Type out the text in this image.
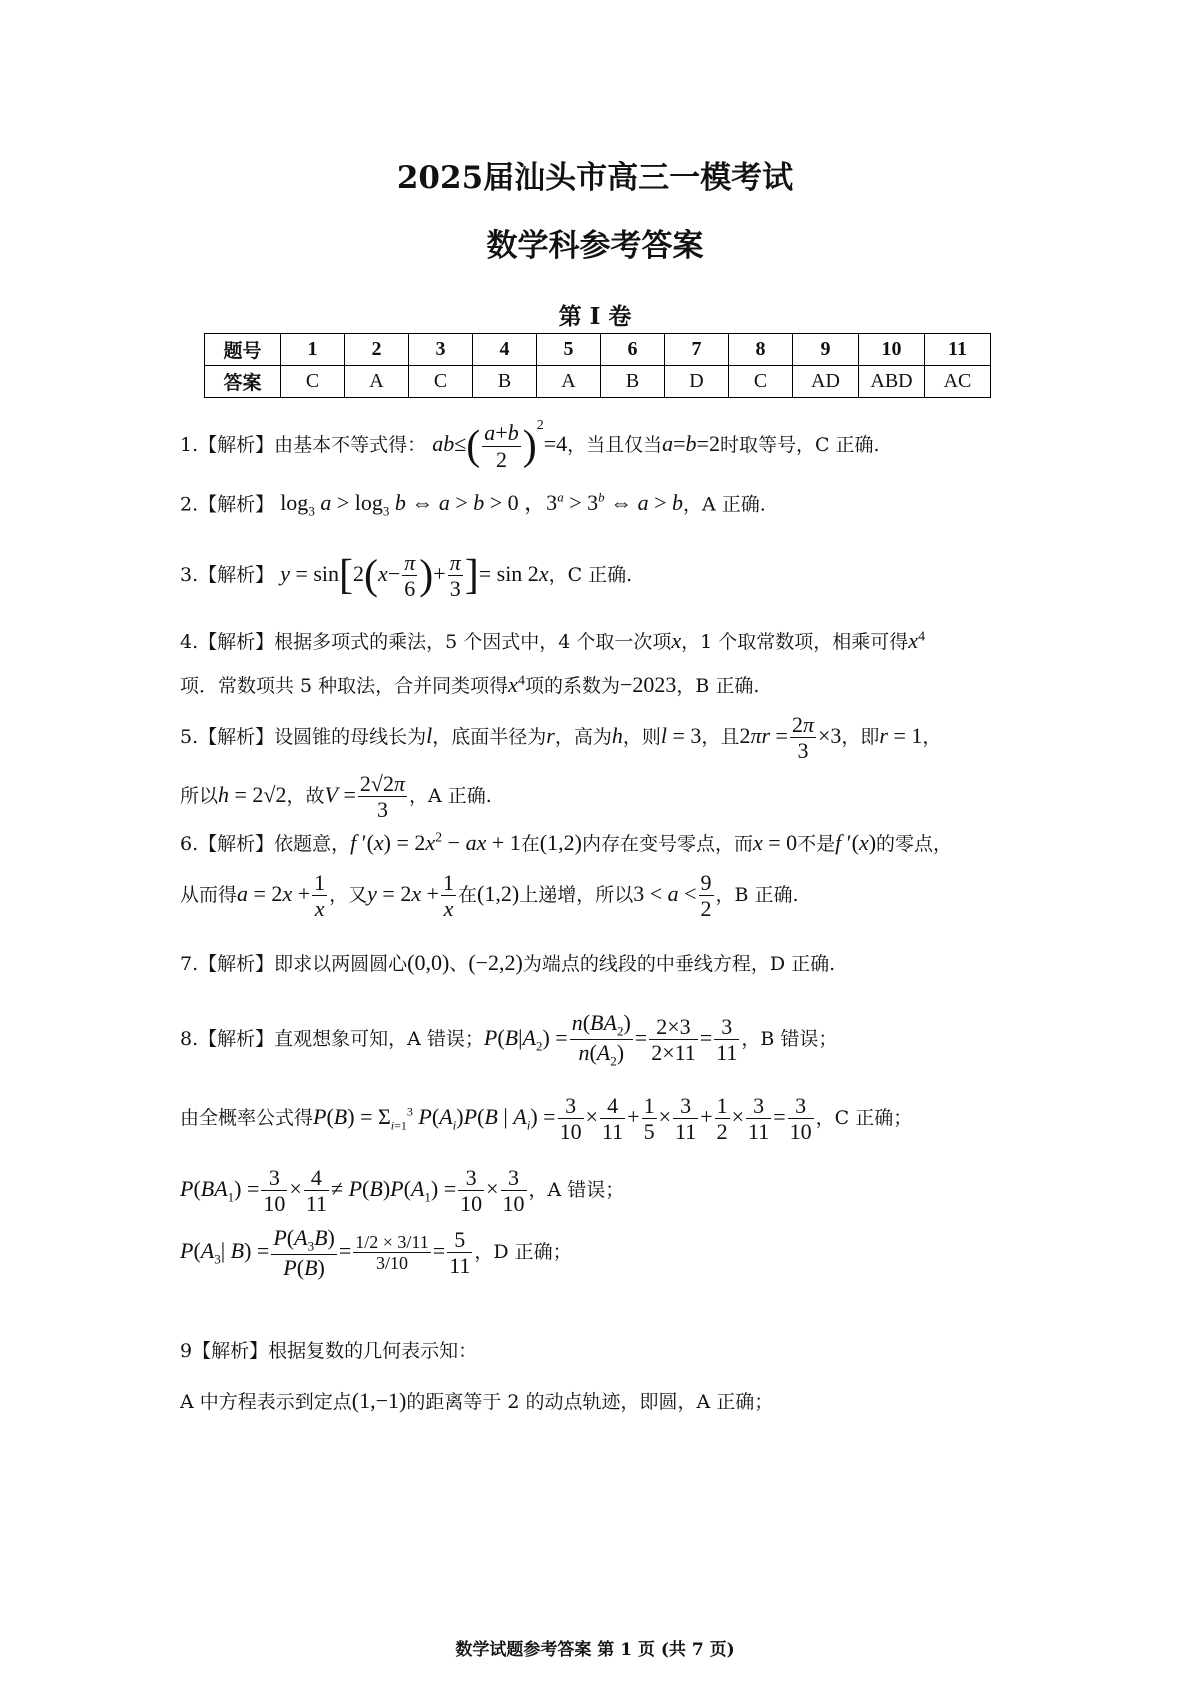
2025届汕头市高三一模考试
数学科参考答案
第 I 卷
题号	1	2	3	4	5	6	7	8	9	10	11
答案	C	A	C	B	A	B	D	C	AD	ABD	AC
1.【解析】由基本不等式得： $ab\le( \frac{a+b}{2} )^2=4$，当且仅当a=b=2时取等号，C 正确.
2.【解析】 $\log_3 a > \log_3 b$ ⇔ a > b > 0 ，$3^a > 3^b$ ⇔ a > b，A 正确.
3.【解析】 $y = \sin[2(x- \frac{\pi}{6}$ )+ $\frac{\pi}{3}$ ]= sin 2x，C 正确.
4.【解析】根据多项式的乘法，5 个因式中，4 个取一次项x，1 个取常数项，相乘可得$x^4$
项．常数项共 5 种取法，合并同类项得$x^4$项的系数为−2023，B 正确.
5.【解析】设圆锥的母线长为l，底面半径为r，高为h，则l = 3，且$2\pi r = \frac{2\pi}{3} \times 3$，即r = 1，
所以h = 2√2，故$V = \frac{2√2\pi}{3}$ ，A 正确.
6.【解析】依题意，f $'(x) = 2x^2$ − ax + 1在(1,2)内存在变号零点，而x = 0不是f ′(x)的零点，
从而得$a = 2x + \frac{1}{x}$ ，又$y = 2x + \frac{1}{x}$ 在(1,2)上递增，所以$3 < a < \frac{9}{2}$ ，B 正确.
7.【解析】即求以两圆圆心(0,0)、(−2,2)为端点的线段的中垂线方程，D 正确.
8.【解析】直观想象可知，A 错误；$P(B|A_2) = \frac{n(BA_2)}{n(A_2)} = \frac{2\times 3}{2\times 11} = \frac{3}{11}$ ，B 错误；
由全概率公式得$P(B) = \Sigma_{i=1}^3$ $P(A_i)P(B$ | $A_i) = \frac{3}{10} \times \frac{4}{11} + \frac{1}{5} \times \frac{3}{11} + \frac{1}{2} \times \frac{3}{11} = \frac{3}{10}$ ，C 正确；
$P(BA_1) = \frac{3}{10} \times \frac{4}{11} \ne P(B)P(A_1) = \frac{3}{10} \times \frac{3}{10}$ ，A 错误；
$P(A_3|$ $B) = \frac{P(A_3B)}{P(B)} = \frac{1/2 \times 3/11}{3/10} = \frac{5}{11}$ ，D 正确；
9【解析】根据复数的几何表示知：
A 中方程表示到定点(1,−1)的距离等于 2 的动点轨迹，即圆，A 正确；
数学试题参考答案 第 1 页 (共 7 页)
